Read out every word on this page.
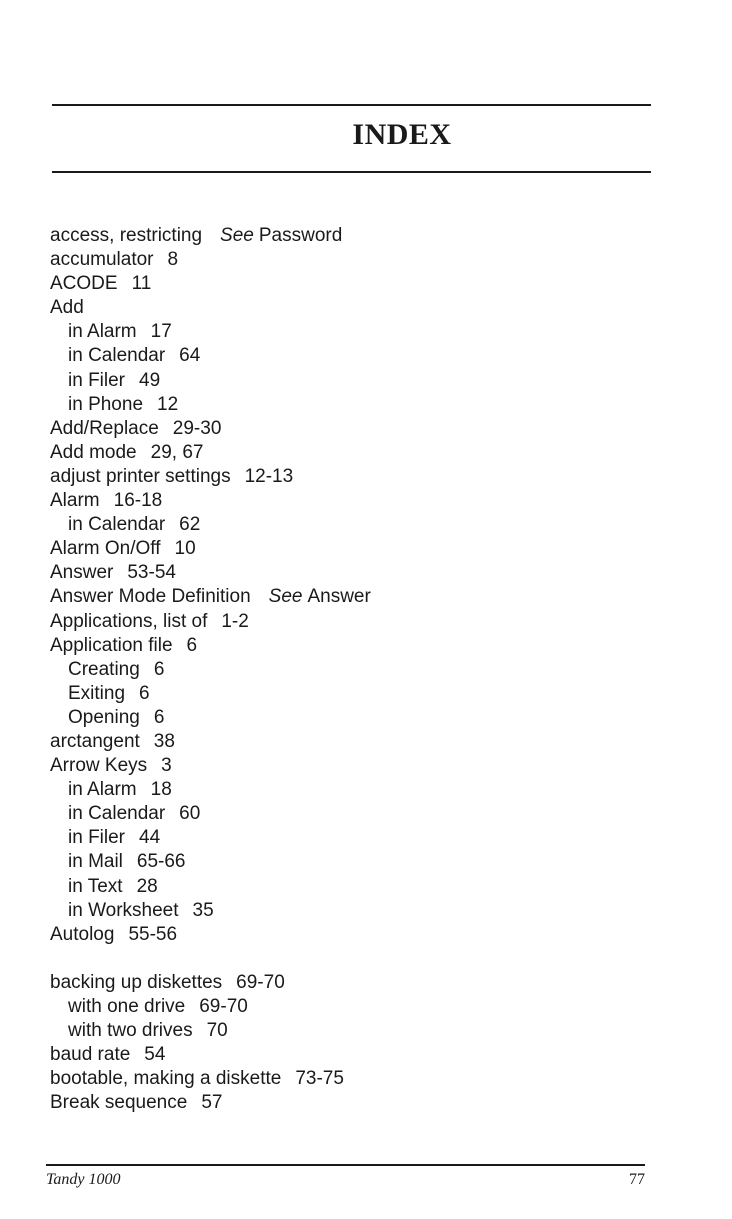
INDEX
access, restricting See Password
accumulator 8
ACODE 11
Add
in Alarm 17
in Calendar 64
in Filer 49
in Phone 12
Add/Replace 29-30
Add mode 29, 67
adjust printer settings 12-13
Alarm 16-18
in Calendar 62
Alarm On/Off 10
Answer 53-54
Answer Mode Definition See Answer
Applications, list of 1-2
Application file 6
Creating 6
Exiting 6
Opening 6
arctangent 38
Arrow Keys 3
in Alarm 18
in Calendar 60
in Filer 44
in Mail 65-66
in Text 28
in Worksheet 35
Autolog 55-56
backing up diskettes 69-70
with one drive 69-70
with two drives 70
baud rate 54
bootable, making a diskette 73-75
Break sequence 57
Tandy 1000	77
